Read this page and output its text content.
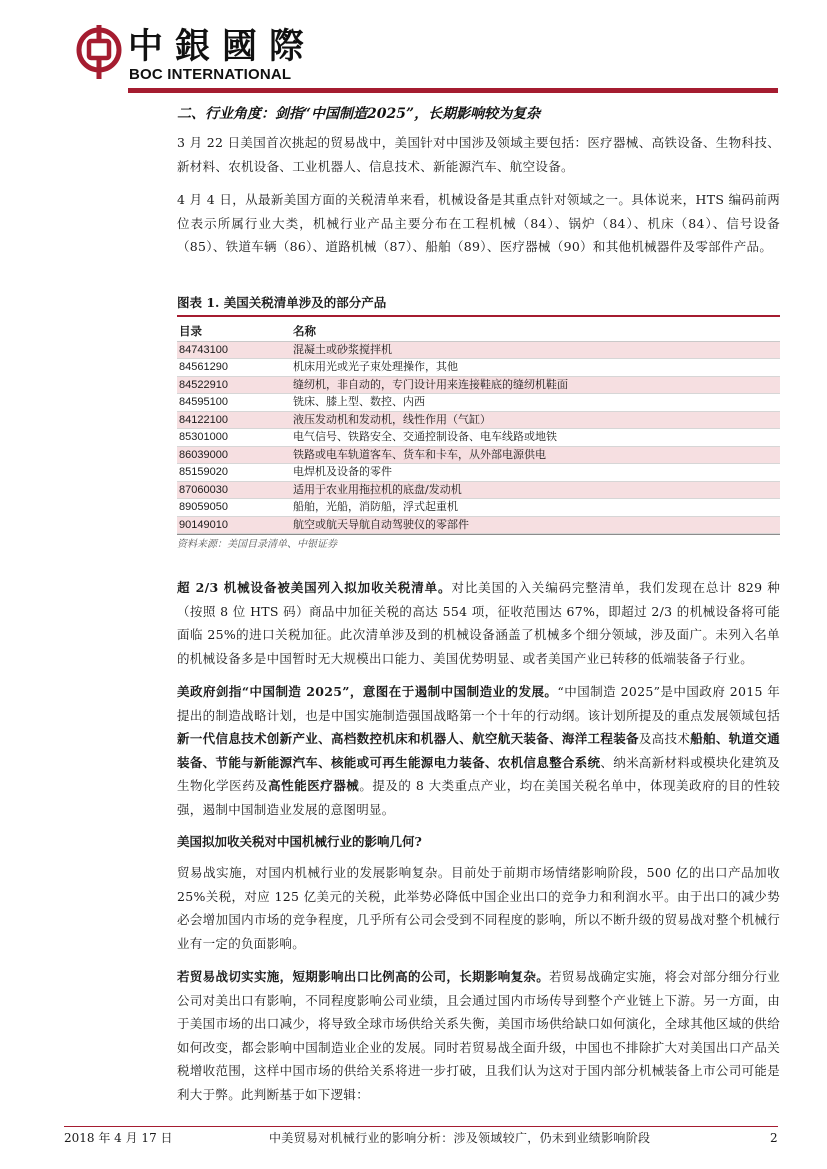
中銀國際
BOC INTERNATIONAL
二、行业角度：剑指“中国制造2025”，长期影响较为复杂

3 月 22 日美国首次挑起的贸易战中，美国针对中国涉及领域主要包括：医疗器械、高铁设备、生物科技、新材料、农机设备、工业机器人、信息技术、新能源汽车、航空设备。

4 月 4 日，从最新美国方面的关税清单来看，机械设备是其重点针对领域之一。具体说来，HTS 编码前两位表示所属行业大类，机械行业产品主要分布在工程机械（84）、锅炉（84）、机床（84）、信号设备（85）、铁道车辆（86）、道路机械（87）、船舶（89）、医疗器械（90）和其他机械器件及零部件产品。

图表 1. 美国关税清单涉及的部分产品
目录	名称
84743100	混凝土或砂浆搅拌机
84561290	机床用光或光子束处理操作，其他
84522910	缝纫机，非自动的，专门设计用来连接鞋底的缝纫机鞋面
84595100	铣床、膝上型、数控、内西
84122100	液压发动机和发动机，线性作用（气缸）
85301000	电气信号、铁路安全、交通控制设备、电车线路或地铁
86039000	铁路或电车轨道客车、货车和卡车，从外部电源供电
85159020	电焊机及设备的零件
87060030	适用于农业用拖拉机的底盘/发动机
89059050	船舶，光船，消防船，浮式起重机
90149010	航空或航天导航自动驾驶仪的零部件
资料来源：美国目录清单、中银证券

超 2/3 机械设备被美国列入拟加收关税清单。对比美国的入关编码完整清单，我们发现在总计 829 种（按照 8 位 HTS 码）商品中加征关税的高达 554 项，征收范围达 67%，即超过 2/3 的机械设备将可能面临 25%的进口关税加征。此次清单涉及到的机械设备涵盖了机械多个细分领域，涉及面广。未列入名单的机械设备多是中国暂时无大规模出口能力、美国优势明显、或者美国产业已转移的低端装备子行业。

美政府剑指“中国制造 2025”，意图在于遏制中国制造业的发展。“中国制造 2025”是中国政府 2015 年提出的制造战略计划，也是中国实施制造强国战略第一个十年的行动纲。该计划所提及的重点发展领域包括新一代信息技术创新产业、高档数控机床和机器人、航空航天装备、海洋工程装备及高技术船舶、轨道交通装备、节能与新能源汽车、核能或可再生能源电力装备、农机信息整合系统、纳米高新材料或模块化建筑及生物化学医药及高性能医疗器械。提及的 8 大类重点产业，均在美国关税名单中，体现美政府的目的性较强，遏制中国制造业发展的意图明显。

美国拟加收关税对中国机械行业的影响几何?

贸易战实施，对国内机械行业的发展影响复杂。目前处于前期市场情绪影响阶段，500 亿的出口产品加收 25%关税，对应 125 亿美元的关税，此举势必降低中国企业出口的竞争力和利润水平。由于出口的减少势必会增加国内市场的竞争程度，几乎所有公司会受到不同程度的影响，所以不断升级的贸易战对整个机械行业有一定的负面影响。

若贸易战切实实施，短期影响出口比例高的公司，长期影响复杂。若贸易战确定实施，将会对部分细分行业公司对美出口有影响，不同程度影响公司业绩，且会通过国内市场传导到整个产业链上下游。另一方面，由于美国市场的出口减少，将导致全球市场供给关系失衡，美国市场供给缺口如何演化，全球其他区域的供给如何改变，都会影响中国制造业企业的发展。同时若贸易战全面升级，中国也不排除扩大对美国出口产品关税增收范围，这样中国市场的供给关系将进一步打破，且我们认为这对于国内部分机械装备上市公司可能是利大于弊。此判断基于如下逻辑：

2018 年 4 月 17 日	中美贸易对机械行业的影响分析：涉及领域较广，仍未到业绩影响阶段	2
